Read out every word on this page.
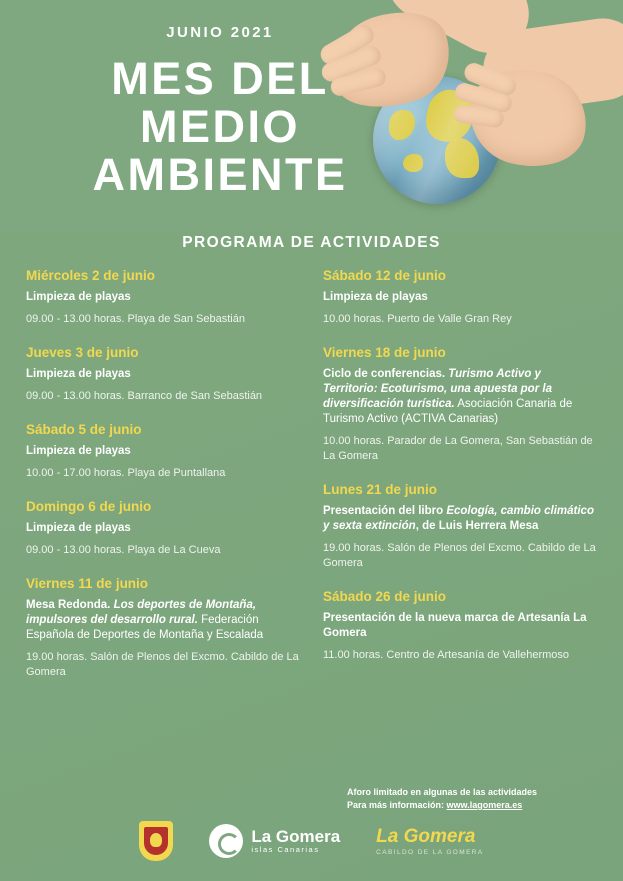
JUNIO 2021
MES DEL
MEDIO
AMBIENTE
PROGRAMA DE ACTIVIDADES
Miércoles 2 de junio
Limpieza de playas
09.00 - 13.00 horas. Playa de San Sebastián
Jueves 3 de junio
Limpieza de playas
09.00 - 13.00 horas. Barranco de San Sebastián
Sábado 5 de junio
Limpieza de playas
10.00 - 17.00 horas. Playa de Puntallana
Domingo 6 de junio
Limpieza de playas
09.00 - 13.00 horas. Playa de La Cueva
Viernes 11 de junio
Mesa Redonda. Los deportes de Montaña, impulsores del desarrollo rural. Federación Española de Deportes de Montaña y Escalada
19.00 horas. Salón de Plenos del Excmo. Cabildo de La Gomera
Sábado 12 de junio
Limpieza de playas
10.00 horas. Puerto de Valle Gran Rey
Viernes 18 de junio
Ciclo de conferencias. Turismo Activo y Territorio: Ecoturismo, una apuesta por la diversificación turística. Asociación Canaria de Turismo Activo (ACTIVA Canarias)
10.00 horas. Parador de La Gomera, San Sebastián de La Gomera
Lunes 21 de junio
Presentación del libro Ecología, cambio climático y sexta extinción, de Luis Herrera Mesa
19.00 horas. Salón de Plenos del Excmo. Cabildo de La Gomera
Sábado 26 de junio
Presentación de la nueva marca de Artesanía La Gomera
11.00 horas. Centro de Artesanía de Vallehermoso
Aforo limitado en algunas de las actividades
Para más información: www.lagomera.es
La Gomera
islas Canarias
La Gomera
CABILDO DE LA GOMERA
